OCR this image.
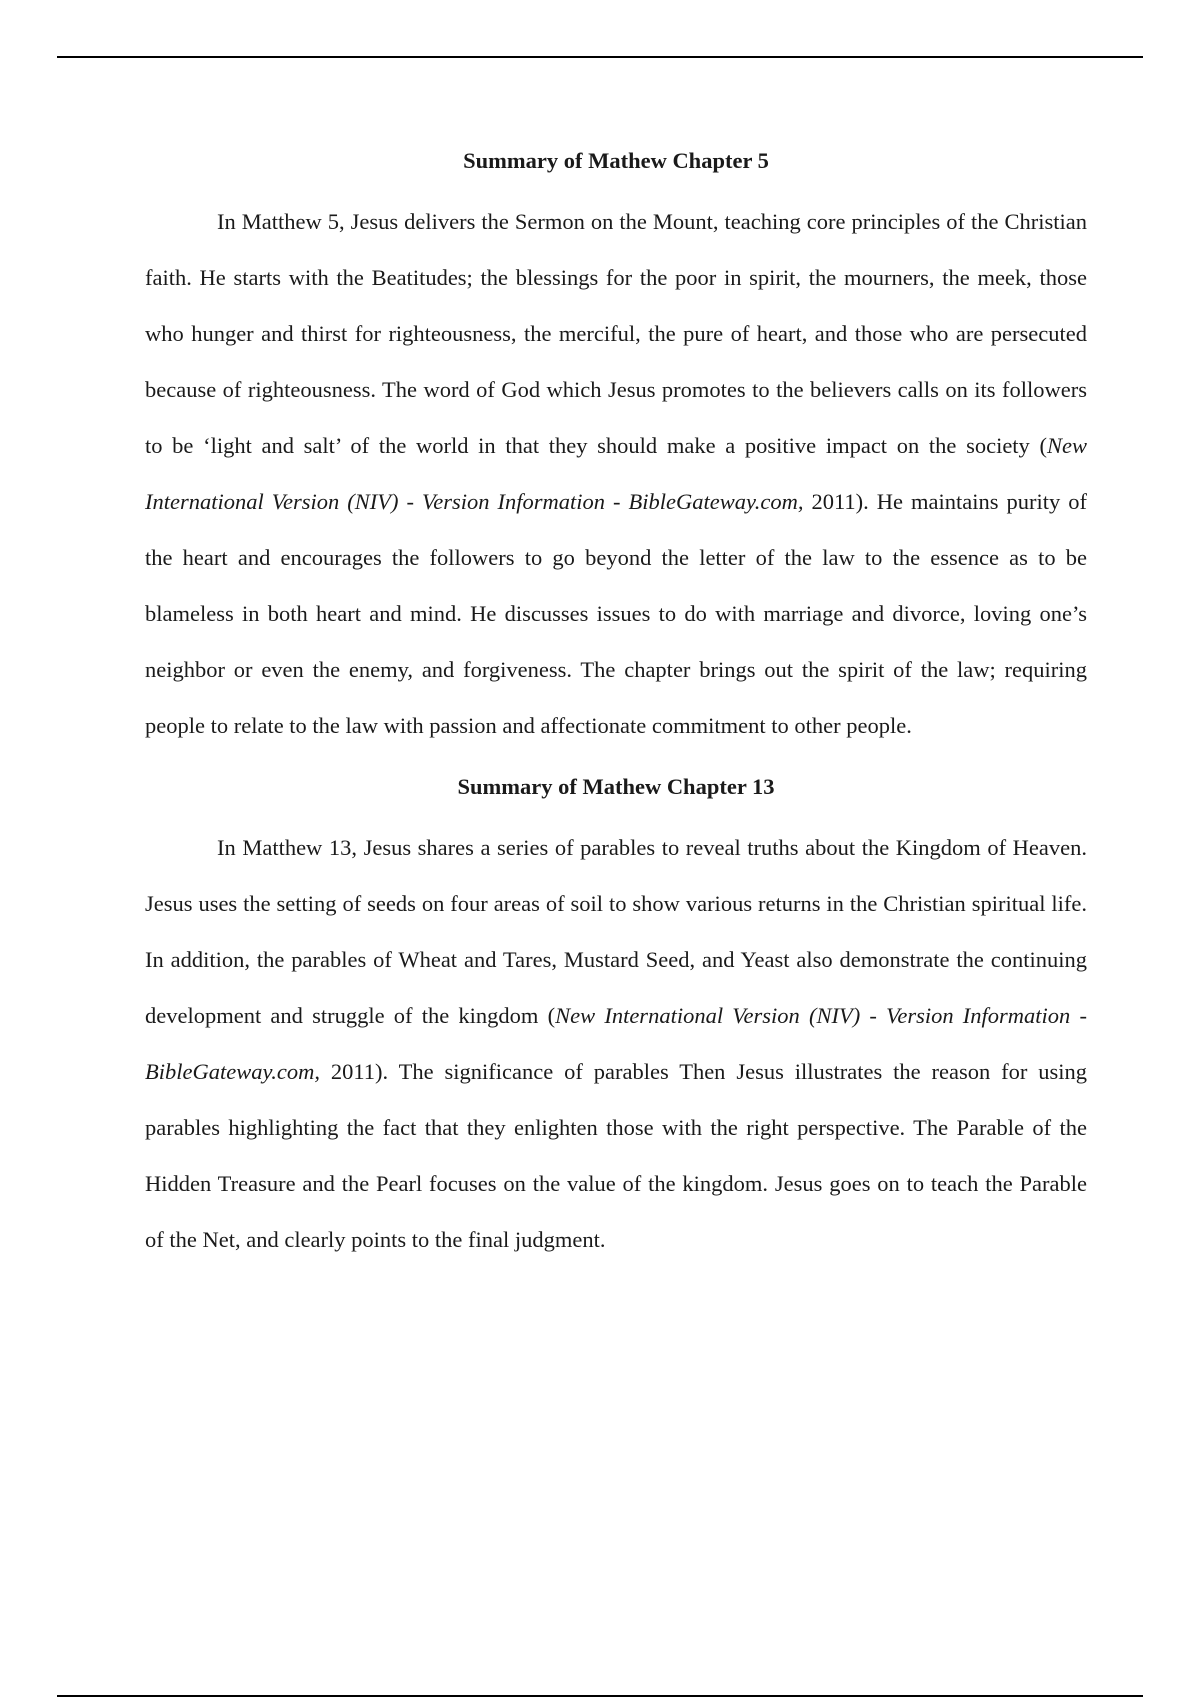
Summary of Mathew Chapter 5

In Matthew 5, Jesus delivers the Sermon on the Mount, teaching core principles of the Christian faith. He starts with the Beatitudes; the blessings for the poor in spirit, the mourners, the meek, those who hunger and thirst for righteousness, the merciful, the pure of heart, and those who are persecuted because of righteousness. The word of God which Jesus promotes to the believers calls on its followers to be ‘light and salt’ of the world in that they should make a positive impact on the society (New International Version (NIV) - Version Information - BibleGateway.com, 2011). He maintains purity of the heart and encourages the followers to go beyond the letter of the law to the essence as to be blameless in both heart and mind. He discusses issues to do with marriage and divorce, loving one’s neighbor or even the enemy, and forgiveness. The chapter brings out the spirit of the law; requiring people to relate to the law with passion and affectionate commitment to other people.

Summary of Mathew Chapter 13

In Matthew 13, Jesus shares a series of parables to reveal truths about the Kingdom of Heaven. Jesus uses the setting of seeds on four areas of soil to show various returns in the Christian spiritual life. In addition, the parables of Wheat and Tares, Mustard Seed, and Yeast also demonstrate the continuing development and struggle of the kingdom (New International Version (NIV) - Version Information - BibleGateway.com, 2011). The significance of parables Then Jesus illustrates the reason for using parables highlighting the fact that they enlighten those with the right perspective. The Parable of the Hidden Treasure and the Pearl focuses on the value of the kingdom. Jesus goes on to teach the Parable of the Net, and clearly points to the final judgment.
